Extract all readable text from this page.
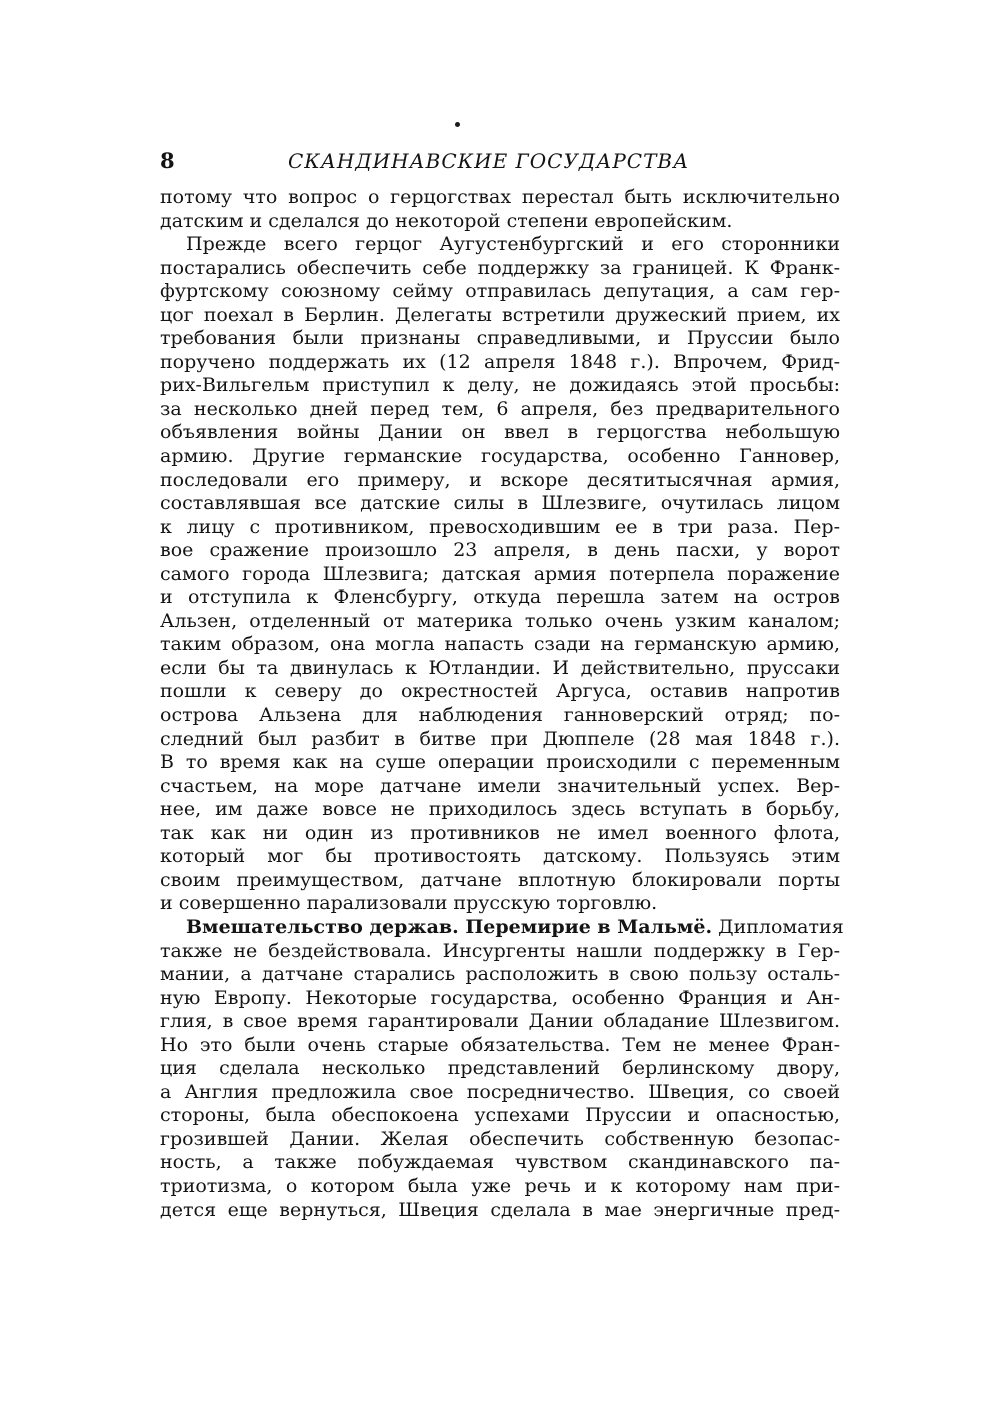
8	СКАНДИНАВСКИЕ ГОСУДАРСТВА
потому что вопрос о герцогствах перестал быть исключительно
датским и сделался до некоторой степени европейским.
Прежде всего герцог Аугустенбургский и его сторонники
постарались обеспечить себе поддержку за границей. К Франк-
фуртскому союзному сейму отправилась депутация, а сам гер-
цог поехал в Берлин. Делегаты встретили дружеский прием, их
требования были признаны справедливыми, и Пруссии было
поручено поддержать их (12 апреля 1848 г.). Впрочем, Фрид-
рих-Вильгельм приступил к делу, не дожидаясь этой просьбы:
за несколько дней перед тем, 6 апреля, без предварительного
объявления войны Дании он ввел в герцогства небольшую
армию. Другие германские государства, особенно Ганновер,
последовали его примеру, и вскоре десятитысячная армия,
составлявшая все датские силы в Шлезвиге, очутилась лицом
к лицу с противником, превосходившим ее в три раза. Пер-
вое сражение произошло 23 апреля, в день пасхи, у ворот
самого города Шлезвига; датская армия потерпела поражение
и отступила к Фленсбургу, откуда перешла затем на остров
Альзен, отделенный от материка только очень узким каналом;
таким образом, она могла напасть сзади на германскую армию,
если бы та двинулась к Ютландии. И действительно, пруссаки
пошли к северу до окрестностей Аргуса, оставив напротив
острова Альзена для наблюдения ганноверский отряд; по-
следний был разбит в битве при Дюппеле (28 мая 1848 г.).
В то время как на суше операции происходили с переменным
счастьем, на море датчане имели значительный успех. Вер-
нее, им даже вовсе не приходилось здесь вступать в борьбу,
так как ни один из противников не имел военного флота,
который мог бы противостоять датскому. Пользуясь этим
своим преимуществом, датчане вплотную блокировали порты
и совершенно парализовали прусскую торговлю.
Вмешательство держав. Перемирие в Мальмё. Дипломатия
также не бездействовала. Инсургенты нашли поддержку в Гер-
мании, а датчане старались расположить в свою пользу осталь-
ную Европу. Некоторые государства, особенно Франция и Ан-
глия, в свое время гарантировали Дании обладание Шлезвигом.
Но это были очень старые обязательства. Тем не менее Фран-
ция сделала несколько представлений берлинскому двору,
а Англия предложила свое посредничество. Швеция, со своей
стороны, была обеспокоена успехами Пруссии и опасностью,
грозившей Дании. Желая обеспечить собственную безопас-
ность, а также побуждаемая чувством скандинавского па-
триотизма, о котором была уже речь и к которому нам при-
дется еще вернуться, Швеция сделала в мае энергичные пред-
